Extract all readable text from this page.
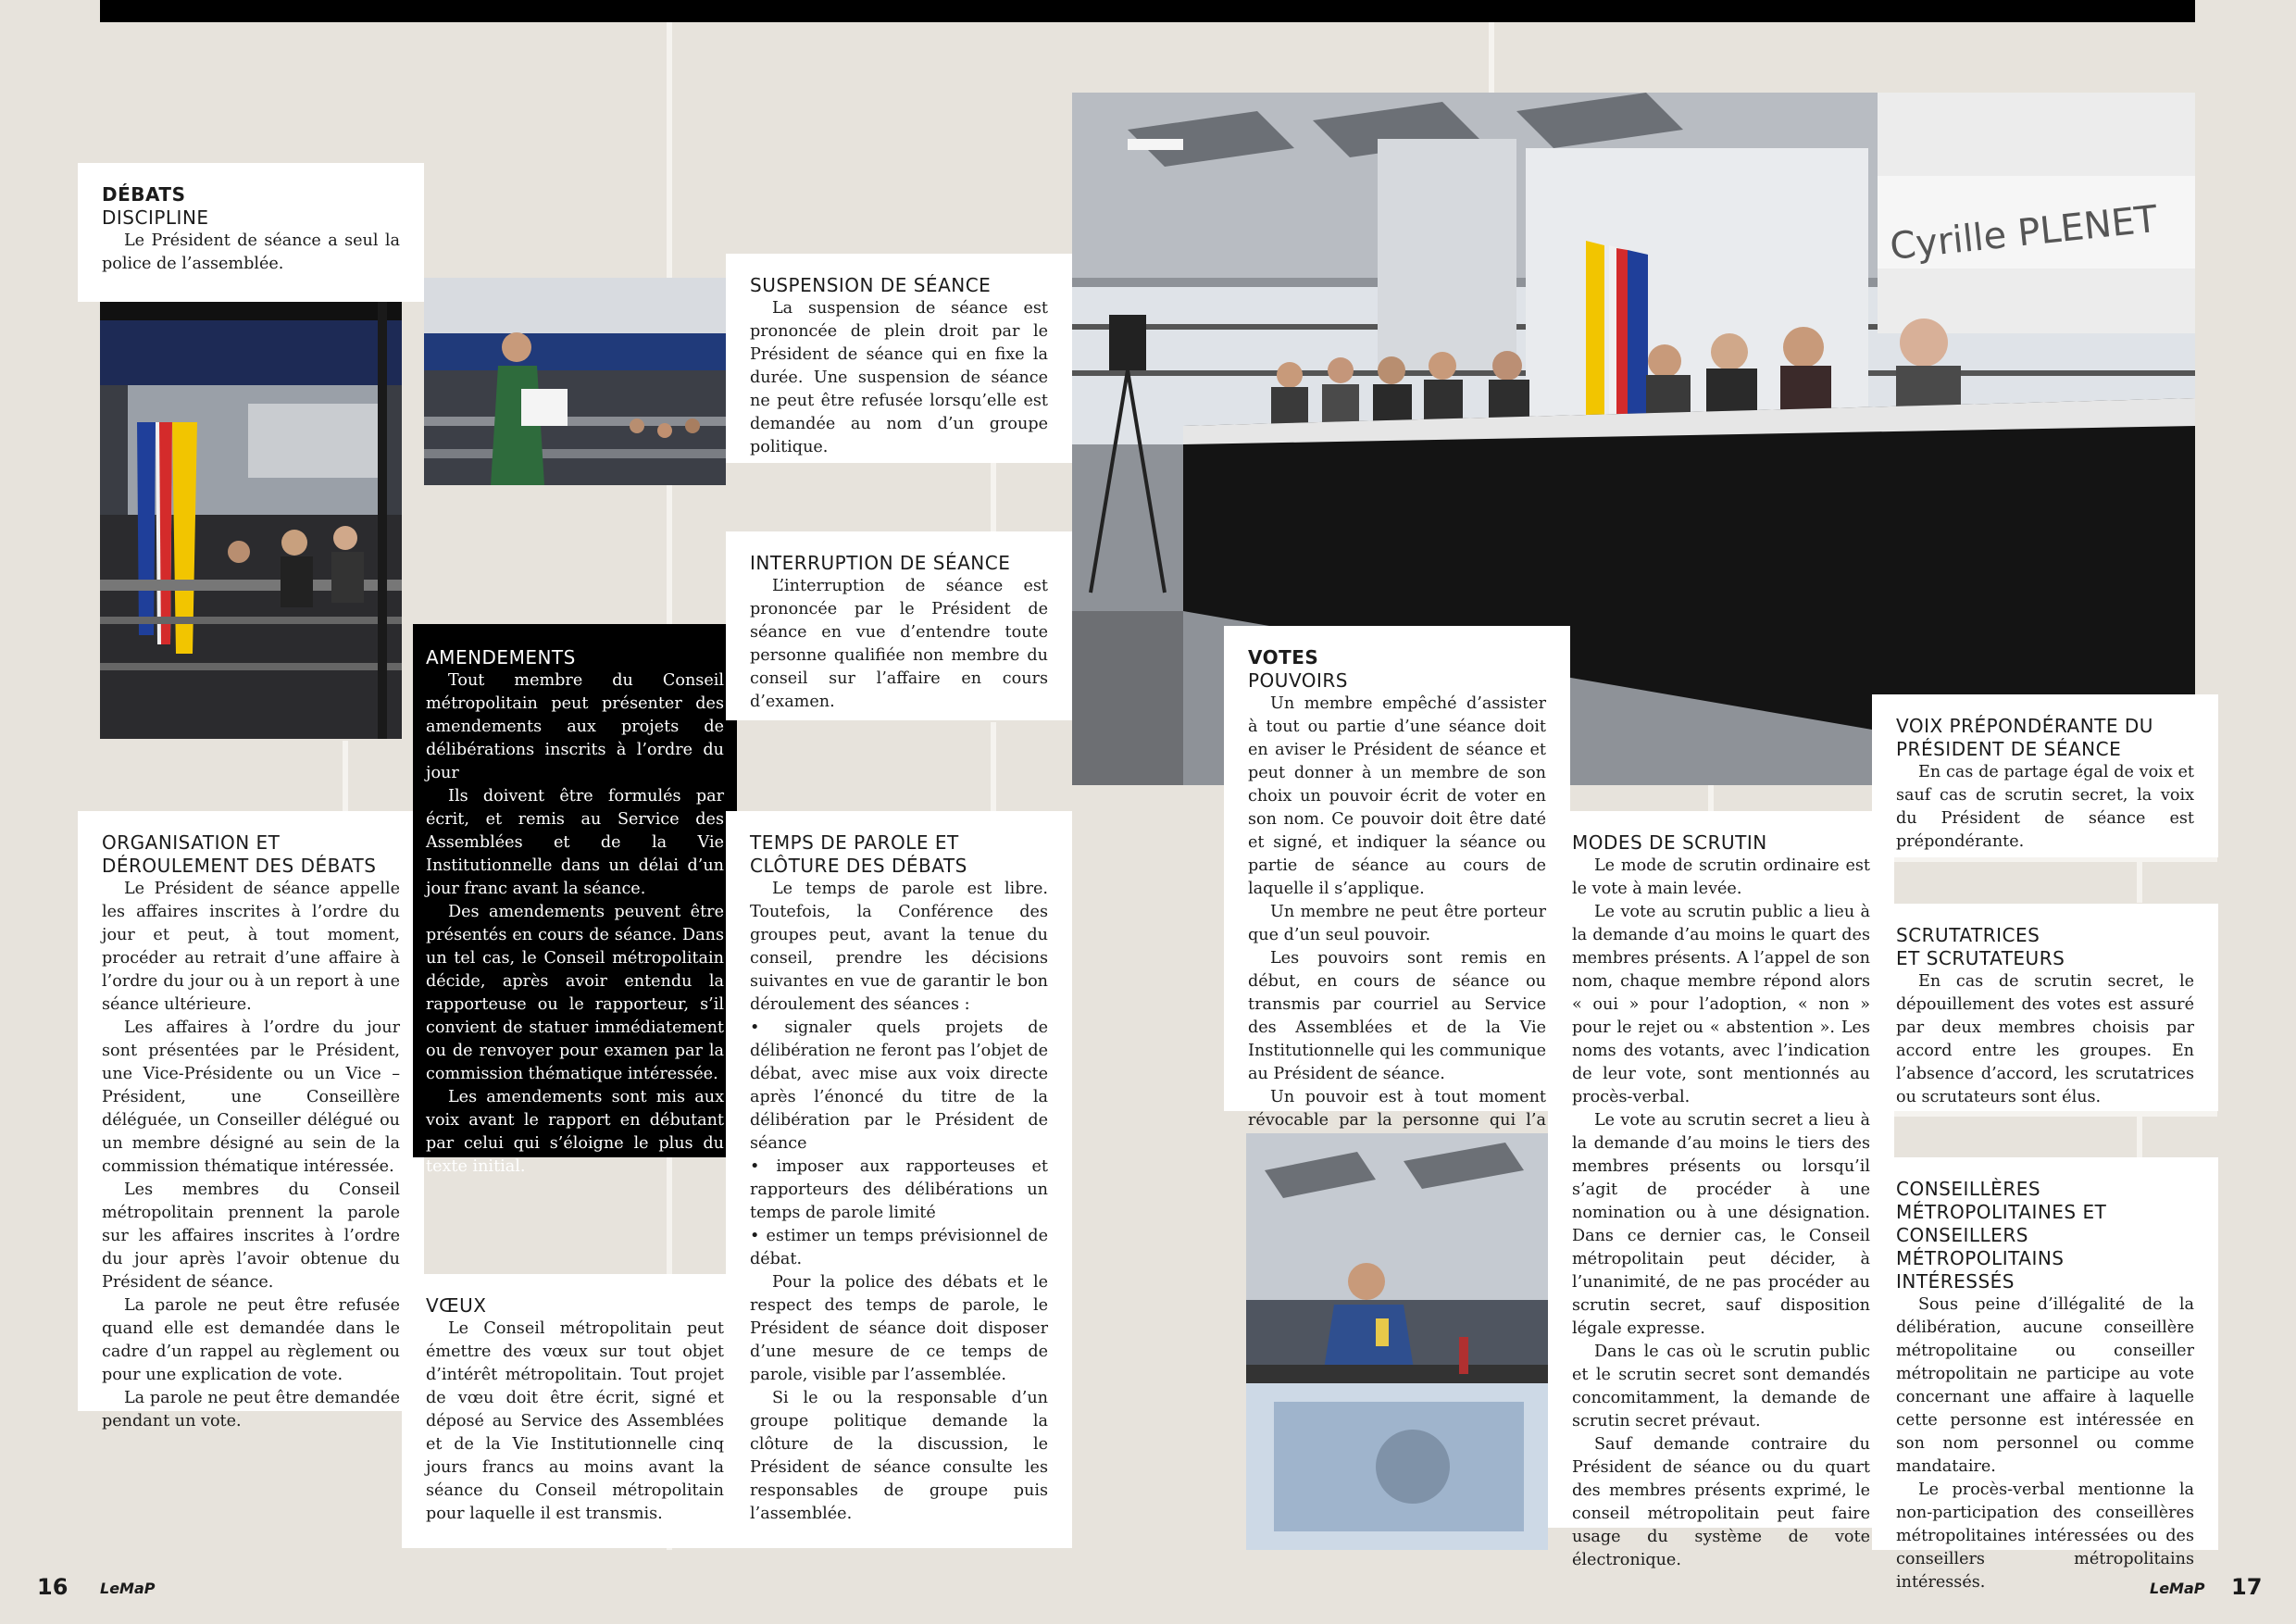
DÉBATS
DISCIPLINE

Le Président de séance a seul la police de l’assemblée.

ORGANISATION ET
DÉROULEMENT DES DÉBATS

Le Président de séance appelle les affaires inscrites à l’ordre du jour et peut, à tout moment, procéder au retrait d’une affaire à l’ordre du jour ou à un report à une séance ultérieure.

Les affaires à l’ordre du jour sont présentées par le Président, une Vice-Présidente ou un Vice – Président, une Conseillère déléguée, un Conseiller délégué ou un membre désigné au sein de la commission thématique intéressée.

Les membres du Conseil métropolitain prennent la parole sur les affaires inscrites à l’ordre du jour après l’avoir obtenue du Président de séance.

La parole ne peut être refusée quand elle est demandée dans le cadre d’un rappel au règlement ou pour une explication de vote.

La parole ne peut être demandée pendant un vote.

AMENDEMENTS

Tout membre du Conseil métropolitain peut présenter des amendements aux projets de délibérations inscrits à l’ordre du jour

Ils doivent être formulés par écrit, et remis au Service des Assemblées et de la Vie Institutionnelle dans un délai d’un jour franc avant la séance.

Des amendements peuvent être présentés en cours de séance. Dans un tel cas, le Conseil métropolitain décide, après avoir entendu la rapporteuse ou le rapporteur, s’il convient de statuer immédiatement ou de renvoyer pour examen par la commission thématique intéressée.

Les amendements sont mis aux voix avant le rapport en débutant par celui qui s’éloigne le plus du texte initial.

VŒUX

Le Conseil métropolitain peut émettre des vœux sur tout objet d’intérêt métropolitain. Tout projet de vœu doit être écrit, signé et déposé au Service des Assemblées et de la Vie Institutionnelle cinq jours francs au moins avant la séance du Conseil métropolitain pour laquelle il est transmis.

SUSPENSION DE SÉANCE

La suspension de séance est prononcée de plein droit par le Président de séance qui en fixe la durée. Une suspension de séance ne peut être refusée lorsqu’elle est demandée au nom d’un groupe politique.

INTERRUPTION DE SÉANCE

L’interruption de séance est prononcée par le Président de séance en vue d’entendre toute personne qualifiée non membre du conseil sur l’affaire en cours d’examen.

TEMPS DE PAROLE ET
CLÔTURE DES DÉBATS

Le temps de parole est libre. Toutefois, la Conférence des groupes peut, avant la tenue du conseil, prendre les décisions suivantes en vue de garantir le bon déroulement des séances :

• signaler quels projets de délibération ne feront pas l’objet de débat, avec mise aux voix directe après l’énoncé du titre de la délibération par le Président de séance

• imposer aux rapporteuses et rapporteurs des délibérations un temps de parole limité

• estimer un temps prévisionnel de débat.

Pour la police des débats et le respect des temps de parole, le Président de séance doit disposer d’une mesure de ce temps de parole, visible par l’assemblée.

Si le ou la responsable d’un groupe politique demande la clôture de la discussion, le Président de séance consulte les responsables de groupe puis l’assemblée.

16 LeMaP
Cyrille PLENET
VOTES
POUVOIRS

Un membre empêché d’assister à tout ou partie d’une séance doit en aviser le Président de séance et peut donner à un membre de son choix un pouvoir écrit de voter en son nom. Ce pouvoir doit être daté et signé, et indiquer la séance ou partie de séance au cours de laquelle il s’applique.

Un membre ne peut être porteur que d’un seul pouvoir.

Les pouvoirs sont remis en début, en cours de séance ou transmis par courriel au Service des Assemblées et de la Vie Institutionnelle qui les communique au Président de séance.

Un pouvoir est à tout moment révocable par la personne qui l’a

MODES DE SCRUTIN

Le mode de scrutin ordinaire est le vote à main levée.

Le vote au scrutin public a lieu à la demande d’au moins le quart des membres présents. A l’appel de son nom, chaque membre répond alors « oui » pour l’adoption, « non » pour le rejet ou « abstention ». Les noms des votants, avec l’indication de leur vote, sont mentionnés au procès-verbal.

Le vote au scrutin secret a lieu à la demande d’au moins le tiers des membres présents ou lorsqu’il s’agit de procéder à une nomination ou à une désignation. Dans ce dernier cas, le Conseil métropolitain peut décider, à l’unanimité, de ne pas procéder au scrutin secret, sauf disposition légale expresse.

Dans le cas où le scrutin public et le scrutin secret sont demandés concomitamment, la demande de scrutin secret prévaut.

Sauf demande contraire du Président de séance ou du quart des membres présents exprimé, le conseil métropolitain peut faire usage du système de vote électronique.

VOIX PRÉPONDÉRANTE DU
PRÉSIDENT DE SÉANCE

En cas de partage égal de voix et sauf cas de scrutin secret, la voix du Président de séance est prépondérante.

SCRUTATRICES
ET SCRUTATEURS

En cas de scrutin secret, le dépouillement des votes est assuré par deux membres choisis par accord entre les groupes. En l’absence d’accord, les scrutatrices ou scrutateurs sont élus.

CONSEILLÈRES
MÉTROPOLITAINES ET
CONSEILLERS MÉTROPOLITAINS
INTÉRESSÉS

Sous peine d’illégalité de la délibération, aucune conseillère métropolitaine ou conseiller métropolitain ne participe au vote concernant une affaire à laquelle cette personne est intéressée en son nom personnel ou comme mandataire.

Le procès-verbal mentionne la non-participation des conseillères métropolitaines intéressées ou des conseillers métropolitains intéressés.	LeMaP 17
